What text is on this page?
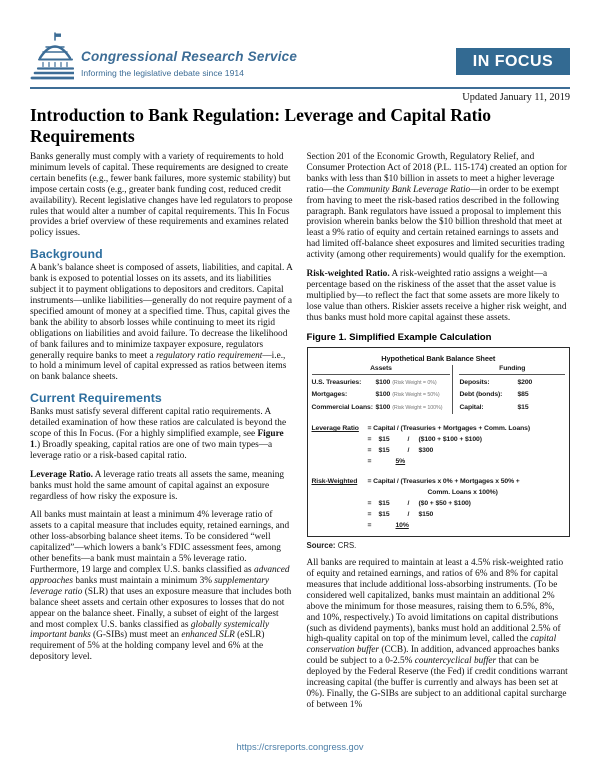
Congressional Research Service
Informing the legislative debate since 1914
IN FOCUS
Updated January 11, 2019
Introduction to Bank Regulation: Leverage and Capital Ratio Requirements

Banks generally must comply with a variety of requirements to hold minimum levels of capital. These requirements are designed to create certain benefits (e.g., fewer bank failures, more systemic stability) but impose certain costs (e.g., greater bank funding cost, reduced credit availability). Recent legislative changes have led regulators to propose rules that would alter a number of capital requirements. This In Focus provides a brief overview of these requirements and examines related policy issues.

Background

A bank’s balance sheet is composed of assets, liabilities, and capital. A bank is exposed to potential losses on its assets, and its liabilities subject it to payment obligations to depositors and creditors. Capital instruments—unlike liabilities—generally do not require payment of a specified amount of money at a specified time. Thus, capital gives the bank the ability to absorb losses while continuing to meet its rigid obligations on liabilities and avoid failure. To decrease the likelihood of bank failures and to minimize taxpayer exposure, regulators generally require banks to meet a regulatory ratio requirement—i.e., to hold a minimum level of capital expressed as ratios between items on bank balance sheets.

Current Requirements

Banks must satisfy several different capital ratio requirements. A detailed examination of how these ratios are calculated is beyond the scope of this In Focus. (For a highly simplified example, see Figure 1.) Broadly speaking, capital ratios are one of two main types—a leverage ratio or a risk-based capital ratio.

Leverage Ratio. A leverage ratio treats all assets the same, meaning banks must hold the same amount of capital against an exposure regardless of how risky the exposure is.

All banks must maintain at least a minimum 4% leverage ratio of assets to a capital measure that includes equity, retained earnings, and other loss-absorbing balance sheet items. To be considered “well capitalized”—which lowers a bank’s FDIC assessment fees, among other benefits—a bank must maintain a 5% leverage ratio. Furthermore, 19 large and complex U.S. banks classified as advanced approaches banks must maintain a minimum 3% supplementary leverage ratio (SLR) that uses an exposure measure that includes both balance sheet assets and certain other exposures to losses that do not appear on the balance sheet. Finally, a subset of eight of the largest and most complex U.S. banks classified as globally systemically important banks (G-SIBs) must meet an enhanced SLR (eSLR) requirement of 5% at the holding company level and 6% at the depository level.

Section 201 of the Economic Growth, Regulatory Relief, and Consumer Protection Act of 2018 (P.L. 115-174) created an option for banks with less than $10 billion in assets to meet a higher leverage ratio—the Community Bank Leverage Ratio—in order to be exempt from having to meet the risk-based ratios described in the following paragraph. Bank regulators have issued a proposal to implement this provision wherein banks below the $10 billion threshold that meet at least a 9% ratio of equity and certain retained earnings to assets and had limited off-balance sheet exposures and limited securities trading activity (among other requirements) would qualify for the exemption.

Risk-weighted Ratio. A risk-weighted ratio assigns a weight—a percentage based on the riskiness of the asset that the asset value is multiplied by—to reflect the fact that some assets are more likely to lose value than others. Riskier assets receive a higher risk weight, and thus banks must hold more capital against these assets.

Figure 1. Simplified Example Calculation
Hypothetical Bank Balance Sheet
Assets
U.S. Treasuries:	$100 (Risk Weight = 0%)
Mortgages:	$100 (Risk Weight = 50%)
Commercial Loans: $100 (Risk Weight = 100%)
Funding
Deposits:	$200
Debt (bonds):	$85
Capital:	$15
Leverage Ratio	= Capital / (Treasuries + Mortgages + Comm. Loans)
=	$15	/	($100 + $100 + $100)
=	$15	/	$300
=	5%
Risk-Weighted	= Capital / (Treasuries x 0% + Mortgages x 50% +
Comm. Loans x 100%)
=	$15	/	($0 + $50 + $100)
=	$15	/	$150
=	10%
Source: CRS.

All banks are required to maintain at least a 4.5% risk-weighted ratio of equity and retained earnings, and ratios of 6% and 8% for capital measures that include additional loss-absorbing instruments. (To be considered well capitalized, banks must maintain an additional 2% above the minimum for those measures, raising them to 6.5%, 8%, and 10%, respectively.) To avoid limitations on capital distributions (such as dividend payments), banks must hold an additional 2.5% of high-quality capital on top of the minimum level, called the capital conservation buffer (CCB). In addition, advanced approaches banks could be subject to a 0-2.5% countercyclical buffer that can be deployed by the Federal Reserve (the Fed) if credit conditions warrant increasing capital (the buffer is currently and always has been set at 0%). Finally, the G-SIBs are subject to an additional capital surcharge of between 1%

https://crsreports.congress.gov
